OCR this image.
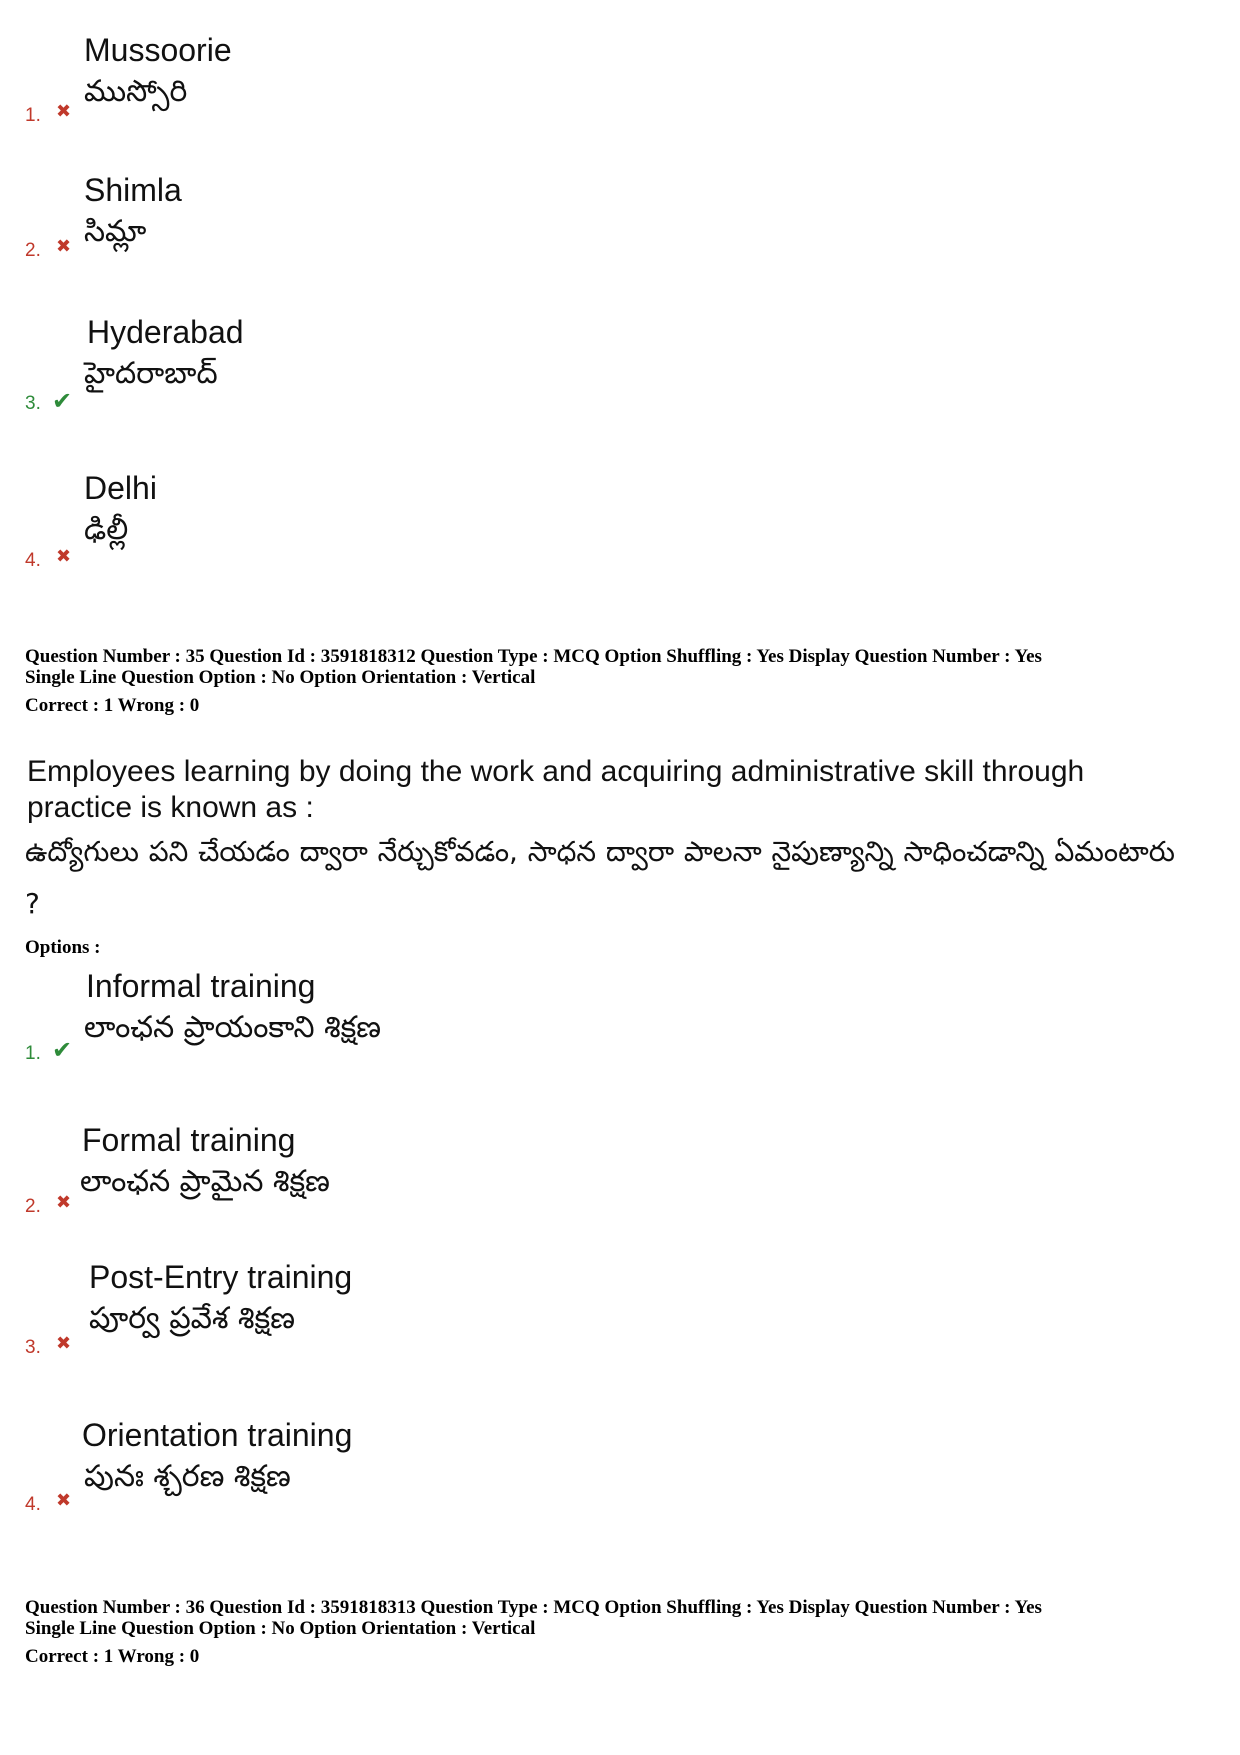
Mussoorie
ముస్సోరి
1. ✖
Shimla
సిమ్లా
2. ✖
Hyderabad
హైదరాబాద్
3. ✔
Delhi
ఢిల్లీ
4. ✖
Question Number : 35 Question Id : 3591818312 Question Type : MCQ Option Shuffling : Yes Display Question Number : Yes
Single Line Question Option : No Option Orientation : Vertical
Correct : 1 Wrong : 0
Employees learning by doing the work and acquiring administrative skill through practice is known as :
ఉద్యోగులు పని చేయడం ద్వారా నేర్చుకోవడం, సాధన ద్వారా పాలనా నైపుణ్యాన్ని సాధించడాన్ని ఏమంటారు ?
Options :
Informal training
లాంఛన ప్రాయంకాని శిక్షణ
1. ✔
Formal training
లాంఛన ప్రామైన శిక్షణ
2. ✖
Post-Entry training
పూర్వ ప్రవేశ శిక్షణ
3. ✖
Orientation training
పునః శ్చరణ శిక్షణ
4. ✖
Question Number : 36 Question Id : 3591818313 Question Type : MCQ Option Shuffling : Yes Display Question Number : Yes
Single Line Question Option : No Option Orientation : Vertical
Correct : 1 Wrong : 0
